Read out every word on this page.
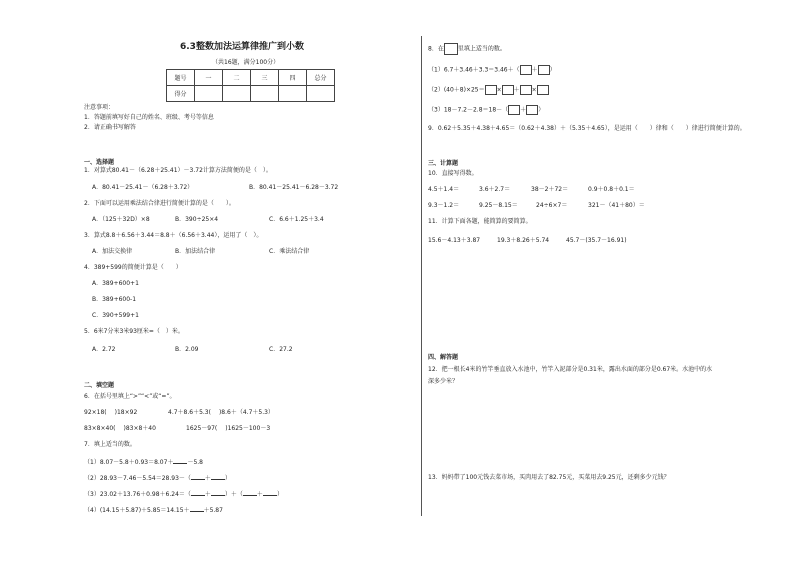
6.3整数加法运算律推广到小数
（共16题，满分100分）
题号	一	二	三	四	总分
得分					
注意事项：
1．答题前填写好自己的姓名、班级、考号等信息
2．请正确书写解答
一、选择题
1．对算式80.41－（6.28＋25.41）－3.72计算方法简便的是（　）。
A．80.41－25.41－（6.28＋3.72）	B．80.41－25.41－6.28－3.72
2．下面可以运用乘法结合律进行简便计算的是（　　）。
A．（125＋32D）×8	B．390÷25×4	C．6.6＋1.25＋3.4
3．算式8.8＋6.56＋3.44＝8.8＋（6.56＋3.44），运用了（　）。
A．加法交换律	B．加法结合律	C．乘法结合律
4．389+599的简便计算是（　　）
A．389+600+1
B．389+600-1
C．390+599+1
5．6米7分米3米93厘米=（　）米。
A．2.72	B．2.09	C．27.2
二、填空题
6．在括号里填上“>”“<”或“=”。
92×18( )18×92	4.7＋8.6＋5.3( )8.6＋（4.7＋5.3）
83×8×40( )83×8＋40	1625－97( )1625－100－3
7．填上适当的数。
（1）8.07－5.8＋0.93＝8.07＋ －5.8
（2）28.93－7.46－5.54＝28.93－（ ＋ ）
（3）23.02＋13.76＋0.98＋6.24＝（ ＋ ）＋（ ＋ ）
（4）(14.15＋5.87)＋5.85＝14.15＋ ＋5.87
8．在 里填上适当的数。
（1）6.7＋3.46＋3.3＝3.46＋（ ＋ ）
（2）(40＋8)×25＝ × ＋ ×
（3）18－7.2－2.8＝18－（ ＋ ）
9．0.62＋5.35＋4.38＋4.65＝（0.62＋4.38）＋（5.35＋4.65），是运用（　　）律和（　　）律进行简便计算的。
三、计算题
10．直接写得数。
4.5＋1.4＝	3.6＋2.7＝	38－2＋72＝	0.9＋0.8＋0.1＝
9.3－1.2＝	9.25－8.15＝	24÷6×7＝	321－（41＋80）＝
11．计算下面各题，能简算的要简算。
15.6－4.13＋3.87	19.3＋8.26＋5.74	45.7－(35.7－16.91)
四、解答题
12．把一根长4米的竹竿垂直放入水池中，竹竿入泥部分是0.31米，露出水面的部分是0.67米。水池中的水
深多少米？
13．妈妈带了100元钱去菜市场，买肉用去了82.75元，买菜用去9.25元，还剩多少元钱？
